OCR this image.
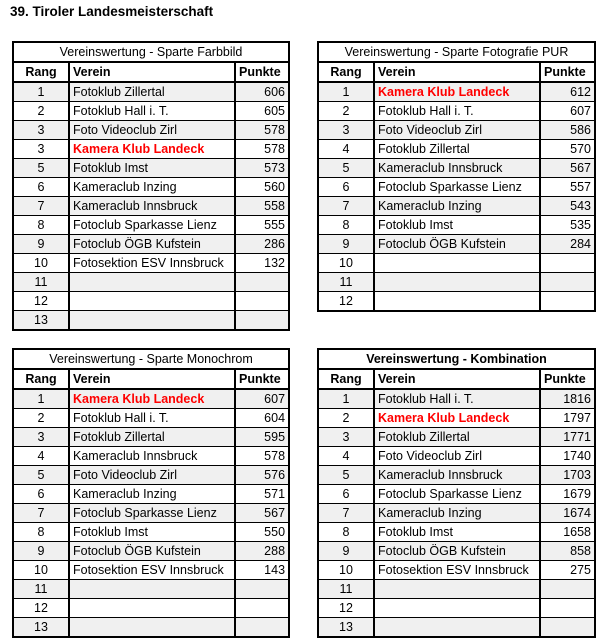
39. Tiroler Landesmeisterschaft
Vereinswertung - Sparte Farbbild		
Rang	Verein	Punkte
1	Fotoklub Zillertal	606
2	Fotoklub Hall i. T.	605
3	Foto Videoclub Zirl	578
3	Kamera Klub Landeck	578
5	Fotoklub Imst	573
6	Kameraclub Inzing	560
7	Kameraclub Innsbruck	558
8	Fotoclub Sparkasse Lienz	555
9	Fotoclub ÖGB Kufstein	286
10	Fotosektion ESV Innsbruck	132
11		
12		
13		
Vereinswertung - Sparte Fotografie PUR		
Rang	Verein	Punkte
1	Kamera Klub Landeck	612
2	Fotoklub Hall i. T.	607
3	Foto Videoclub Zirl	586
4	Fotoklub Zillertal	570
5	Kameraclub Innsbruck	567
6	Fotoclub Sparkasse Lienz	557
7	Kameraclub Inzing	543
8	Fotoklub Imst	535
9	Fotoclub ÖGB Kufstein	284
10		
11		
12		
Vereinswertung - Sparte Monochrom		
Rang	Verein	Punkte
1	Kamera Klub Landeck	607
2	Fotoklub Hall i. T.	604
3	Fotoklub Zillertal	595
4	Kameraclub Innsbruck	578
5	Foto Videoclub Zirl	576
6	Kameraclub Inzing	571
7	Fotoclub Sparkasse Lienz	567
8	Fotoklub Imst	550
9	Fotoclub ÖGB Kufstein	288
10	Fotosektion ESV Innsbruck	143
11		
12		
13		
Vereinswertung - Kombination		
Rang	Verein	Punkte
1	Fotoklub Hall i. T.	1816
2	Kamera Klub Landeck	1797
3	Fotoklub Zillertal	1771
4	Foto Videoclub Zirl	1740
5	Kameraclub Innsbruck	1703
6	Fotoclub Sparkasse Lienz	1679
7	Kameraclub Inzing	1674
8	Fotoklub Imst	1658
9	Fotoclub ÖGB Kufstein	858
10	Fotosektion ESV Innsbruck	275
11		
12		
13		
